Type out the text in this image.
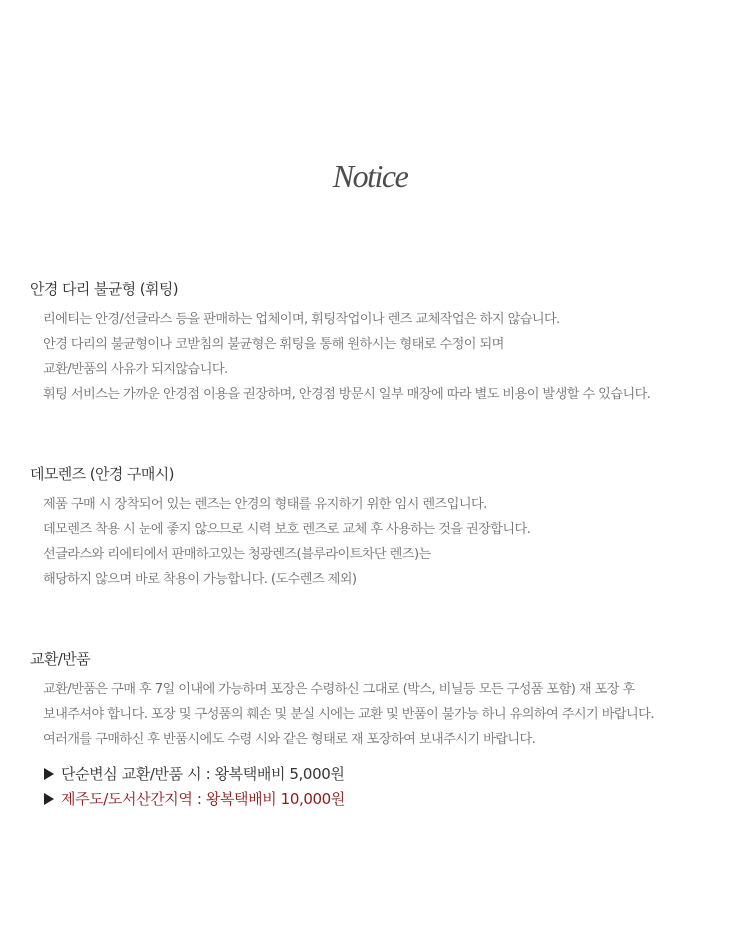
Notice
안경 다리 불균형 (휘팅)
리에티는 안경/선글라스 등을 판매하는 업체이며, 휘팅작업이나 렌즈 교체작업은 하지 않습니다.
안경 다리의 불균형이나 코받침의 불균형은 휘팅을 통해 원하시는 형태로 수정이 되며
교환/반품의 사유가 되지않습니다.
휘팅 서비스는 가까운 안경점 이용을 권장하며, 안경점 방문시 일부 매장에 따라 별도 비용이 발생할 수 있습니다.
데모렌즈 (안경 구매시)
제품 구매 시 장착되어 있는 렌즈는 안경의 형태를 유지하기 위한 임시 렌즈입니다.
데모렌즈 착용 시 눈에 좋지 않으므로 시력 보호 렌즈로 교체 후 사용하는 것을 권장합니다.
선글라스와 리에티에서 판매하고있는 청광렌즈(블루라이트차단 렌즈)는
해당하지 않으며 바로 착용이 가능합니다. (도수렌즈 제외)
교환/반품
교환/반품은 구매 후 7일 이내에 가능하며 포장은 수령하신 그대로 (박스, 비닐등 모든 구성품 포함) 재 포장 후
보내주셔야 합니다. 포장 및 구성품의 훼손 및 분실 시에는 교환 및 반품이 불가능 하니 유의하여 주시기 바랍니다.
여러개를 구매하신 후 반품시에도 수령 시와 같은 형태로 재 포장하여 보내주시기 바랍니다.
단순변심 교환/반품 시 : 왕복택배비 5,000원
제주도/도서산간지역 : 왕복택배비 10,000원
